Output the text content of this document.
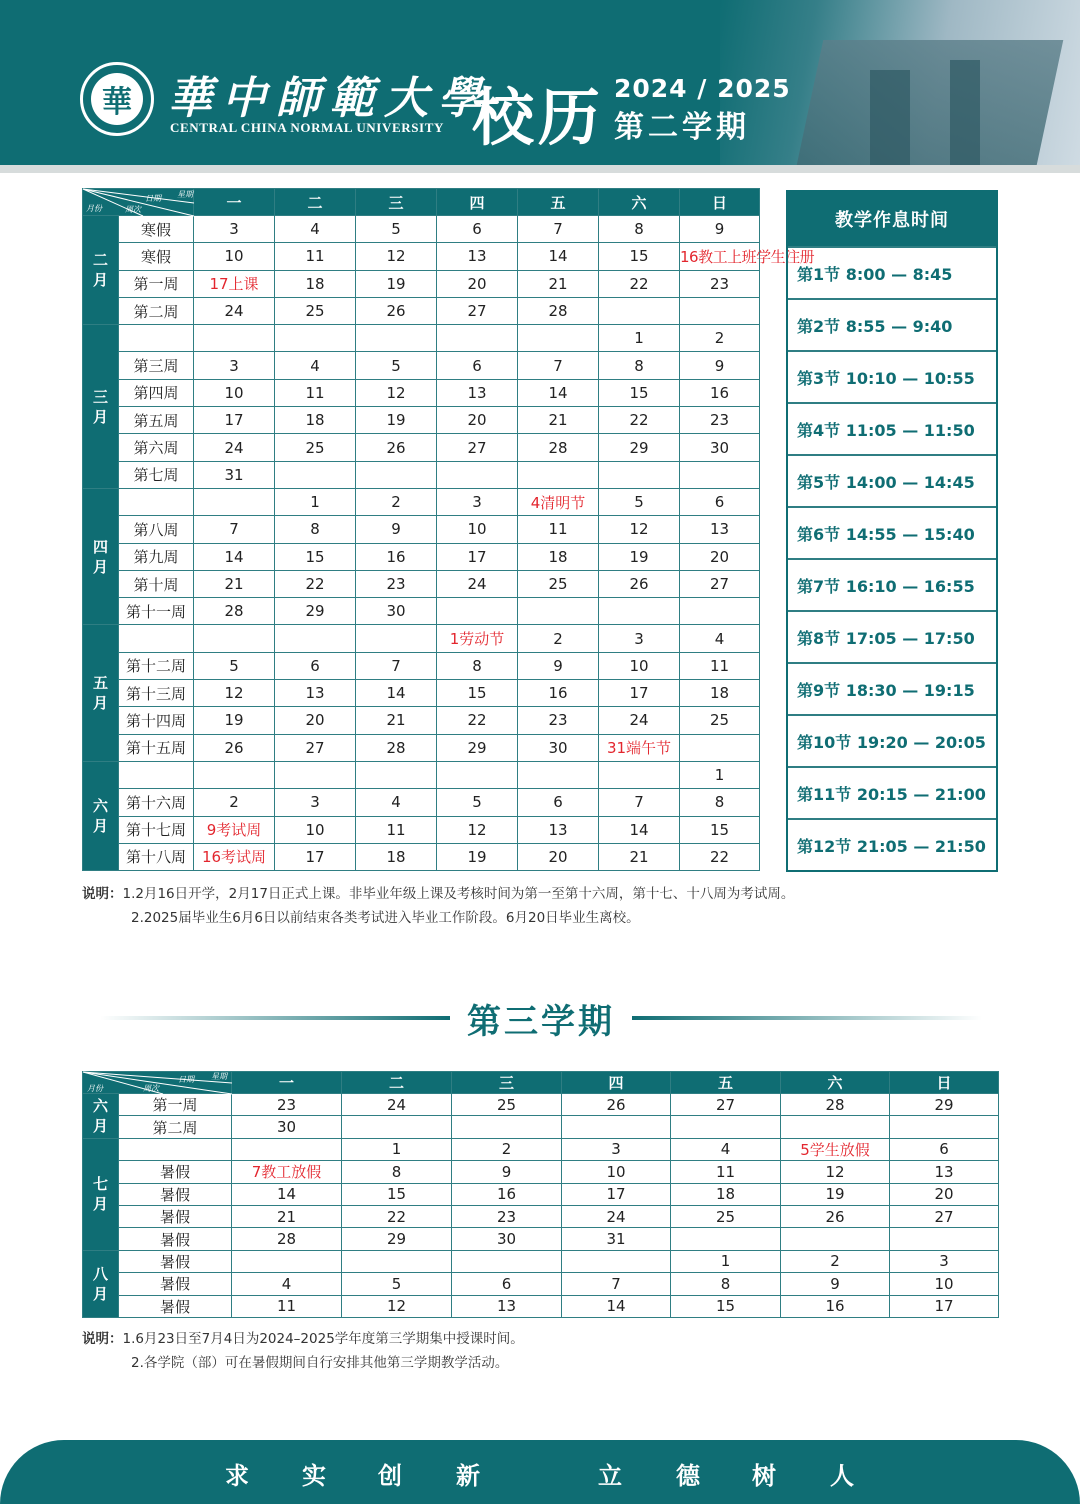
華 華中師範大學
CENTRAL CHINA NORMAL UNIVERSITY 校历 2024 / 2025
第二学期
月份 周次
日期 星期		一	二	三	四	五	六	日
二月	寒假	3	4	5	6	7	8	9
	寒假	10	11	12	13	14	15	16教工上班学生注册
	第一周	17上课	18	19	20	21	22	23
	第二周	24	25	26	27	28		
三月							1	2
	第三周	3	4	5	6	7	8	9
	第四周	10	11	12	13	14	15	16
	第五周	17	18	19	20	21	22	23
	第六周	24	25	26	27	28	29	30
	第七周	31						
四月			1	2	3	4清明节	5	6
	第八周	7	8	9	10	11	12	13
	第九周	14	15	16	17	18	19	20
	第十周	21	22	23	24	25	26	27
	第十一周	28	29	30				
五月					1劳动节	2	3	4
	第十二周	5	6	7	8	9	10	11
	第十三周	12	13	14	15	16	17	18
	第十四周	19	20	21	22	23	24	25
	第十五周	26	27	28	29	30	31端午节	
六月								1
	第十六周	2	3	4	5	6	7	8
	第十七周	9考试周	10	11	12	13	14	15
	第十八周	16考试周	17	18	19	20	21	22
教学作息时间
第1节 8:00 — 8:45
第2节 8:55 — 9:40
第3节 10:10 — 10:55
第4节 11:05 — 11:50
第5节 14:00 — 14:45
第6节 14:55 — 15:40
第7节 16:10 — 16:55
第8节 17:05 — 17:50
第9节 18:30 — 19:15
第10节 19:20 — 20:05
第11节 20:15 — 21:00
第12节 21:05 — 21:50
说明：1.2月16日开学，2月17日正式上课。非毕业年级上课及考核时间为第一至第十六周，第十七、十八周为考试周。
2.2025届毕业生6月6日以前结束各类考试进入毕业工作阶段。6月20日毕业生离校。
第三学期
月份 周次
日期 星期		一	二	三	四	五	六	日
六月	第一周	23	24	25	26	27	28	29
	第二周	30						
七月			1	2	3	4	5学生放假	6
	暑假	7教工放假	8	9	10	11	12	13
	暑假	14	15	16	17	18	19	20
	暑假	21	22	23	24	25	26	27
	暑假	28	29	30	31			
八月	暑假					1	2	3
	暑假	4	5	6	7	8	9	10
	暑假	11	12	13	14	15	16	17
说明：1.6月23日至7月4日为2024–2025学年度第三学期集中授课时间。
2.各学院（部）可在暑假期间自行安排其他第三学期教学活动。
求 实 创 新	立 德 树 人
